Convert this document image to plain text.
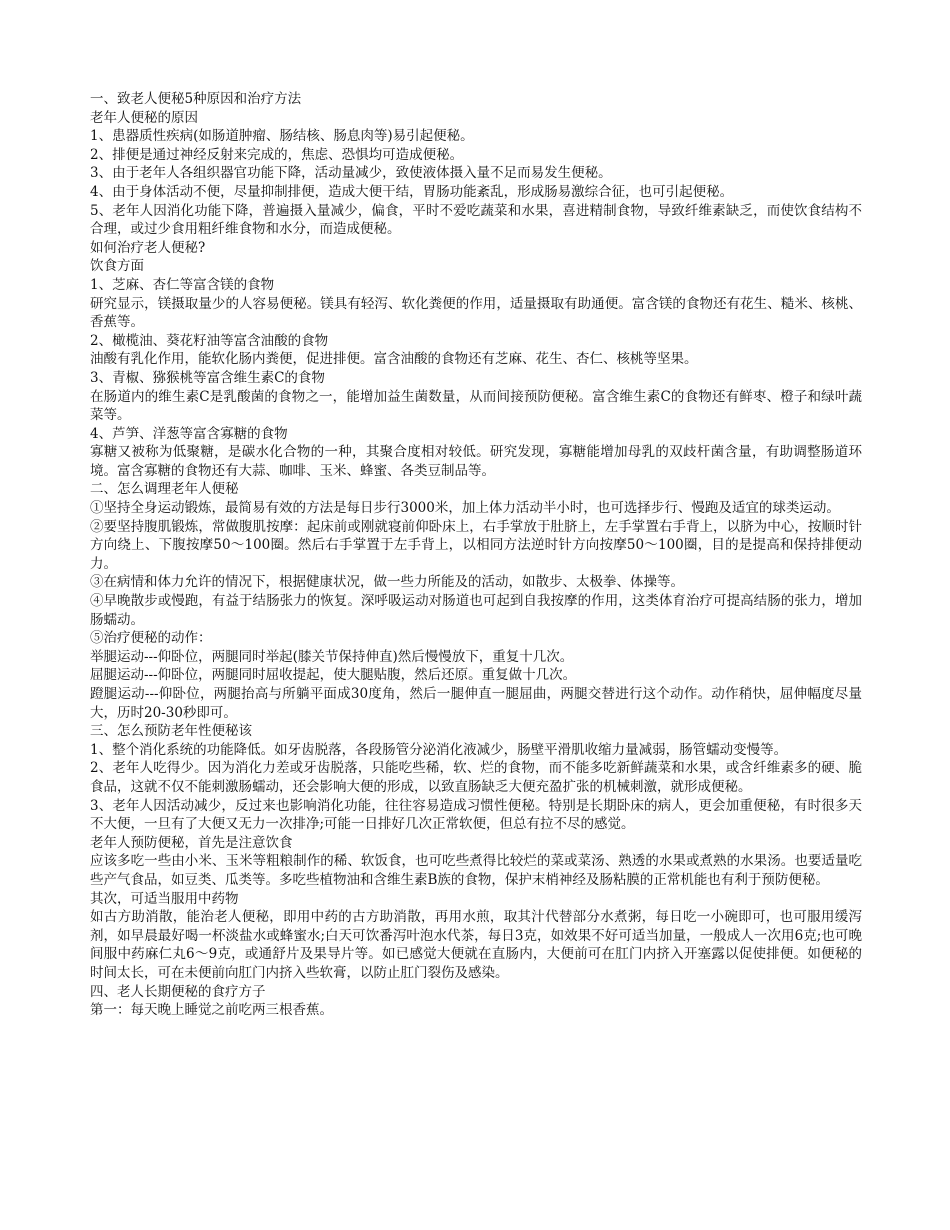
一、致老人便秘5种原因和治疗方法

老年人便秘的原因

1、患器质性疾病(如肠道肿瘤、肠结核、肠息肉等)易引起便秘。

2、排便是通过神经反射来完成的，焦虑、恐惧均可造成便秘。

3、由于老年人各组织器官功能下降，活动量减少，致使液体摄入量不足而易发生便秘。

4、由于身体活动不便，尽量抑制排便，造成大便干结，胃肠功能紊乱，形成肠易激综合征，也可引起便秘。

5、老年人因消化功能下降，普遍摄入量减少，偏食，平时不爱吃蔬菜和水果，喜进精制食物，导致纤维素缺乏，而使饮食结构不合理，或过少食用粗纤维食物和水分，而造成便秘。

如何治疗老人便秘?

饮食方面

1、芝麻、杏仁等富含镁的食物

研究显示，镁摄取量少的人容易便秘。镁具有轻泻、软化粪便的作用，适量摄取有助通便。富含镁的食物还有花生、糙米、核桃、香蕉等。

2、橄榄油、葵花籽油等富含油酸的食物

油酸有乳化作用，能软化肠内粪便，促进排便。富含油酸的食物还有芝麻、花生、杏仁、核桃等坚果。

3、青椒、猕猴桃等富含维生素C的食物

在肠道内的维生素C是乳酸菌的食物之一，能增加益生菌数量，从而间接预防便秘。富含维生素C的食物还有鲜枣、橙子和绿叶蔬菜等。

4、芦笋、洋葱等富含寡糖的食物

寡糖又被称为低聚糖，是碳水化合物的一种，其聚合度相对较低。研究发现，寡糖能增加母乳的双歧杆菌含量，有助调整肠道环境。富含寡糖的食物还有大蒜、咖啡、玉米、蜂蜜、各类豆制品等。

二、怎么调理老年人便秘

①坚持全身运动锻炼，最简易有效的方法是每日步行3000米，加上体力活动半小时，也可选择步行、慢跑及适宜的球类运动。

②要坚持腹肌锻炼，常做腹肌按摩：起床前或刚就寝前仰卧床上，右手掌放于肚脐上，左手掌置右手背上，以脐为中心，按顺时针方向绕上、下腹按摩50～100圈。然后右手掌置于左手背上，以相同方法逆时针方向按摩50～100圈，目的是提高和保持排便动力。

③在病情和体力允许的情况下，根据健康状况，做一些力所能及的活动，如散步、太极拳、体操等。

④早晚散步或慢跑，有益于结肠张力的恢复。深呼吸运动对肠道也可起到自我按摩的作用，这类体育治疗可提高结肠的张力，增加肠蠕动。

⑤治疗便秘的动作：

举腿运动---仰卧位，两腿同时举起(膝关节保持伸直)然后慢慢放下，重复十几次。

屈腿运动---仰卧位，两腿同时屈收提起，使大腿贴腹，然后还原。重复做十几次。

蹬腿运动---仰卧位，两腿抬高与所躺平面成30度角，然后一腿伸直一腿屈曲，两腿交替进行这个动作。动作稍快，屈伸幅度尽量大，历时20-30秒即可。

三、怎么预防老年性便秘该

1、整个消化系统的功能降低。如牙齿脱落，各段肠管分泌消化液减少，肠壁平滑肌收缩力量减弱，肠管蠕动变慢等。

2、老年人吃得少。因为消化力差或牙齿脱落，只能吃些稀，软、烂的食物，而不能多吃新鲜蔬菜和水果，或含纤维素多的硬、脆食品，这就不仅不能刺激肠蠕动，还会影响大便的形成，以致直肠缺乏大便充盈扩张的机械刺激，就形成便秘。

3、老年人因活动减少，反过来也影响消化功能，往往容易造成习惯性便秘。特别是长期卧床的病人，更会加重便秘，有时很多天不大便，一旦有了大便又无力一次排净;可能一日排好几次正常软便，但总有拉不尽的感觉。

老年人预防便秘，首先是注意饮食

应该多吃一些由小米、玉米等粗粮制作的稀、软饭食，也可吃些煮得比较烂的菜或菜汤、熟透的水果或煮熟的水果汤。也要适量吃些产气食品，如豆类、瓜类等。多吃些植物油和含维生素B族的食物，保护末梢神经及肠粘膜的正常机能也有利于预防便秘。

其次，可适当服用中药物

如古方助消散，能治老人便秘，即用中药的古方助消散，再用水煎，取其汁代替部分水煮粥，每日吃一小碗即可，也可服用缓泻剂，如早晨最好喝一杯淡盐水或蜂蜜水;白天可饮番泻叶泡水代茶，每日3克，如效果不好可适当加量，一般成人一次用6克;也可晚间服中药麻仁丸6～9克，或通舒片及果导片等。如已感觉大便就在直肠内，大便前可在肛门内挤入开塞露以促使排便。如便秘的时间太长，可在未便前向肛门内挤入些软膏，以防止肛门裂伤及感染。

四、老人长期便秘的食疗方子

第一：每天晚上睡觉之前吃两三根香蕉。
